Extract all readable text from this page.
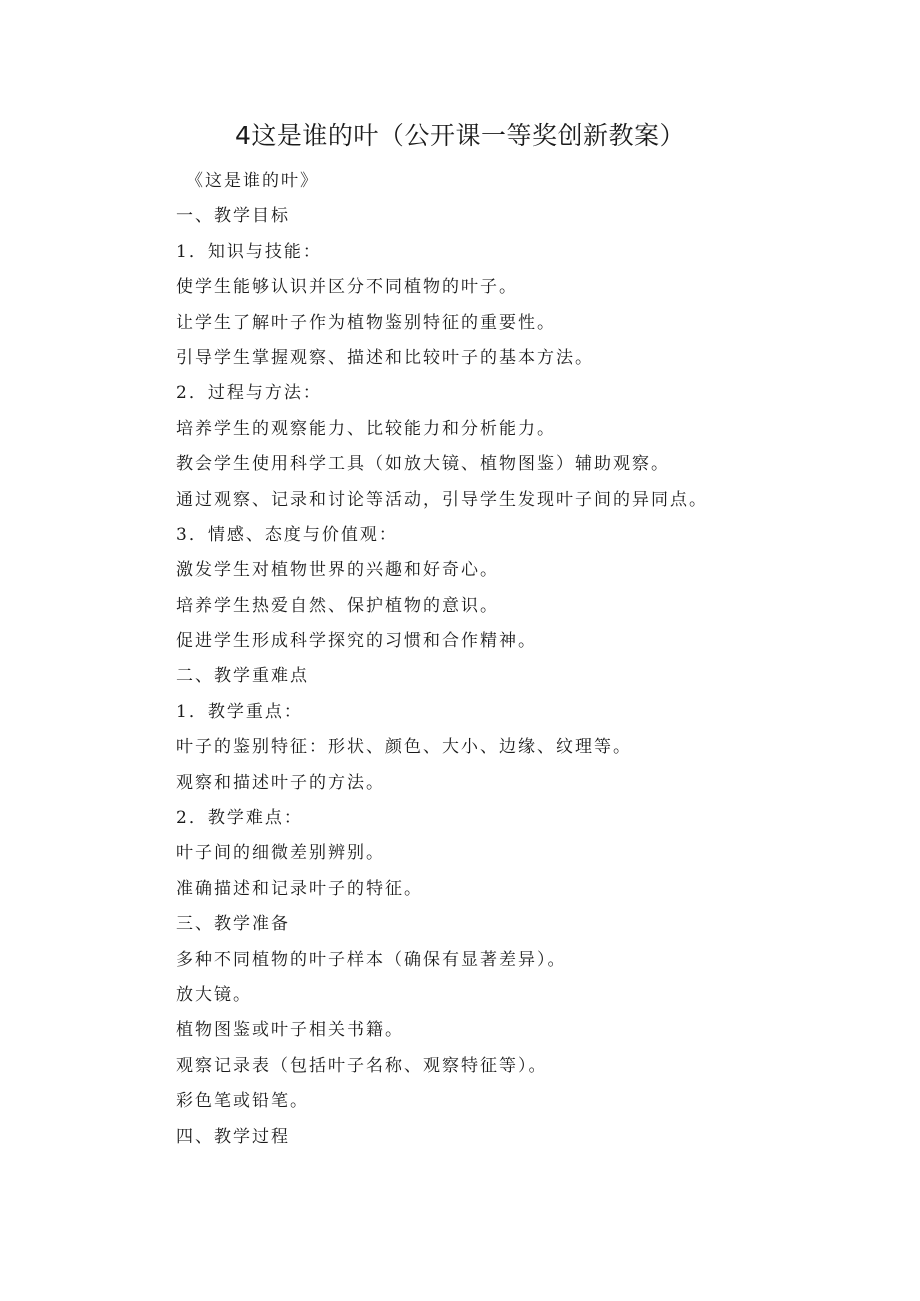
4这是谁的叶（公开课一等奖创新教案）

《这是谁的叶》

一、教学目标

1．知识与技能：

使学生能够认识并区分不同植物的叶子。

让学生了解叶子作为植物鉴别特征的重要性。

引导学生掌握观察、描述和比较叶子的基本方法。

2．过程与方法：

培养学生的观察能力、比较能力和分析能力。

教会学生使用科学工具（如放大镜、植物图鉴）辅助观察。

通过观察、记录和讨论等活动，引导学生发现叶子间的异同点。

3．情感、态度与价值观：

激发学生对植物世界的兴趣和好奇心。

培养学生热爱自然、保护植物的意识。

促进学生形成科学探究的习惯和合作精神。

二、教学重难点

1．教学重点：

叶子的鉴别特征：形状、颜色、大小、边缘、纹理等。

观察和描述叶子的方法。

2．教学难点：

叶子间的细微差别辨别。

准确描述和记录叶子的特征。

三、教学准备

多种不同植物的叶子样本（确保有显著差异）。

放大镜。

植物图鉴或叶子相关书籍。

观察记录表（包括叶子名称、观察特征等）。

彩色笔或铅笔。

四、教学过程
